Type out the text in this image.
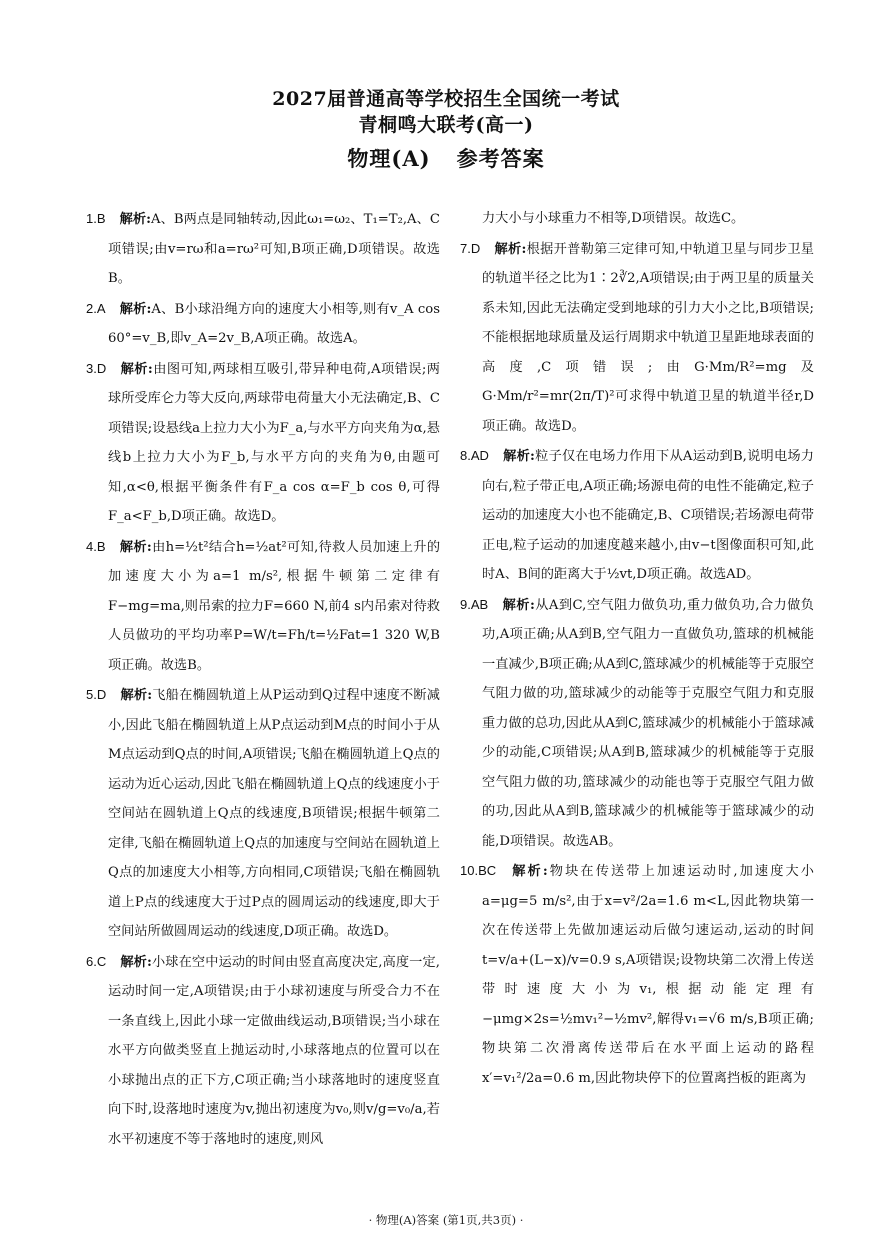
2027届普通高等学校招生全国统一考试
青桐鸣大联考(高一)
物理(A) 参考答案
1.B 解析:A、B两点是同轴转动,因此ω₁=ω₂、T₁=T₂,A、C项错误;由v=rω和a=rω²可知,B项正确,D项错误。故选B。
2.A 解析:A、B小球沿绳方向的速度大小相等,则有v_A cos 60°=v_B,即v_A=2v_B,A项正确。故选A。
3.D 解析:由图可知,两球相互吸引,带异种电荷,A项错误;两球所受库仑力等大反向,两球带电荷量大小无法确定,B、C项错误;设悬线a上拉力大小为F_a,与水平方向夹角为α,悬线b上拉力大小为F_b,与水平方向的夹角为θ,由题可知,α<θ,根据平衡条件有F_a cos α=F_b cos θ,可得F_a<F_b,D项正确。故选D。
4.B 解析:由h=½t²结合h=½at²可知,待救人员加速上升的加速度大小为a=1 m/s²,根据牛顿第二定律有F−mg=ma,则吊索的拉力F=660 N,前4 s内吊索对待救人员做功的平均功率P=W/t=Fh/t=½Fat=1 320 W,B项正确。故选B。
5.D 解析:飞船在椭圆轨道上从P运动到Q过程中速度不断减小,因此飞船在椭圆轨道上从P点运动到M点的时间小于从M点运动到Q点的时间,A项错误;飞船在椭圆轨道上Q点的运动为近心运动,因此飞船在椭圆轨道上Q点的线速度小于空间站在圆轨道上Q点的线速度,B项错误;根据牛顿第二定律,飞船在椭圆轨道上Q点的加速度与空间站在圆轨道上Q点的加速度大小相等,方向相同,C项错误;飞船在椭圆轨道上P点的线速度大于过P点的圆周运动的线速度,即大于空间站所做圆周运动的线速度,D项正确。故选D。
6.C 解析:小球在空中运动的时间由竖直高度决定,高度一定,运动时间一定,A项错误;由于小球初速度与所受合力不在一条直线上,因此小球一定做曲线运动,B项错误;当小球在水平方向做类竖直上抛运动时,小球落地点的位置可以在小球抛出点的正下方,C项正确;当小球落地时的速度竖直向下时,设落地时速度为v,抛出初速度为v₀,则v/g=v₀/a,若水平初速度不等于落地时的速度,则风
力大小与小球重力不相等,D项错误。故选C。
7.D 解析:根据开普勒第三定律可知,中轨道卫星与同步卫星的轨道半径之比为1∶2∛2,A项错误;由于两卫星的质量关系未知,因此无法确定受到地球的引力大小之比,B项错误;不能根据地球质量及运行周期求中轨道卫星距地球表面的高度,C项错误;由G·Mm/R²=mg及G·Mm/r²=mr(2π/T)²可求得中轨道卫星的轨道半径r,D项正确。故选D。
8.AD 解析:粒子仅在电场力作用下从A运动到B,说明电场力向右,粒子带正电,A项正确;场源电荷的电性不能确定,粒子运动的加速度大小也不能确定,B、C项错误;若场源电荷带正电,粒子运动的加速度越来越小,由v−t图像面积可知,此时A、B间的距离大于½vt,D项正确。故选AD。
9.AB 解析:从A到C,空气阻力做负功,重力做负功,合力做负功,A项正确;从A到B,空气阻力一直做负功,篮球的机械能一直减少,B项正确;从A到C,篮球减少的机械能等于克服空气阻力做的功,篮球减少的动能等于克服空气阻力和克服重力做的总功,因此从A到C,篮球减少的机械能小于篮球减少的动能,C项错误;从A到B,篮球减少的机械能等于克服空气阻力做的功,篮球减少的动能也等于克服空气阻力做的功,因此从A到B,篮球减少的机械能等于篮球减少的动能,D项错误。故选AB。
10.BC 解析:物块在传送带上加速运动时,加速度大小a=μg=5 m/s²,由于x=v²/2a=1.6 m<L,因此物块第一次在传送带上先做加速运动后做匀速运动,运动的时间t=v/a+(L−x)/v=0.9 s,A项错误;设物块第二次滑上传送带时速度大小为v₁,根据动能定理有−μmg×2s=½mv₁²−½mv²,解得v₁=√6 m/s,B项正确;物块第二次滑离传送带后在水平面上运动的路程x′=v₁²/2a=0.6 m,因此物块停下的位置离挡板的距离为
· 物理(A)答案 (第1页,共3页) ·
